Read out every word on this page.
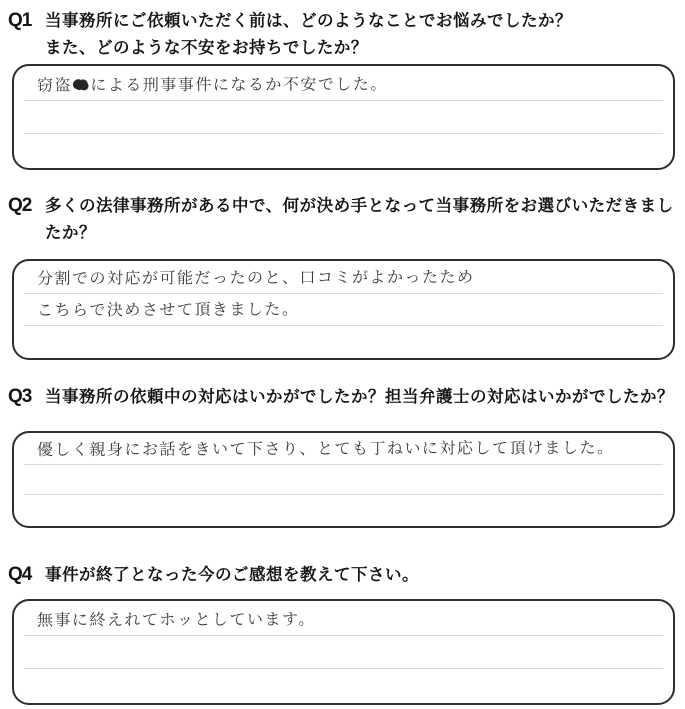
Q1 当事務所にご依頼いただく前は、どのようなことでお悩みでしたか？
また、どのような不安をお持ちでしたか？
窃盗●● による刑事事件になるか不安でした。
Q2 多くの法律事務所がある中で、何が決め手となって当事務所をお選びいただきまし
たか？
分割での対応が可能だったのと、口コミがよかったため
こちらで決めさせて頂きました。
Q3 当事務所の依頼中の対応はいかがでしたか？担当弁護士の対応はいかがでしたか？
優しく親身にお話をきいて下さり、とても丁ねいに対応して頂けました。
Q4 事件が終了となった今のご感想を教えて下さい。
無事に終えれてホッとしています。
